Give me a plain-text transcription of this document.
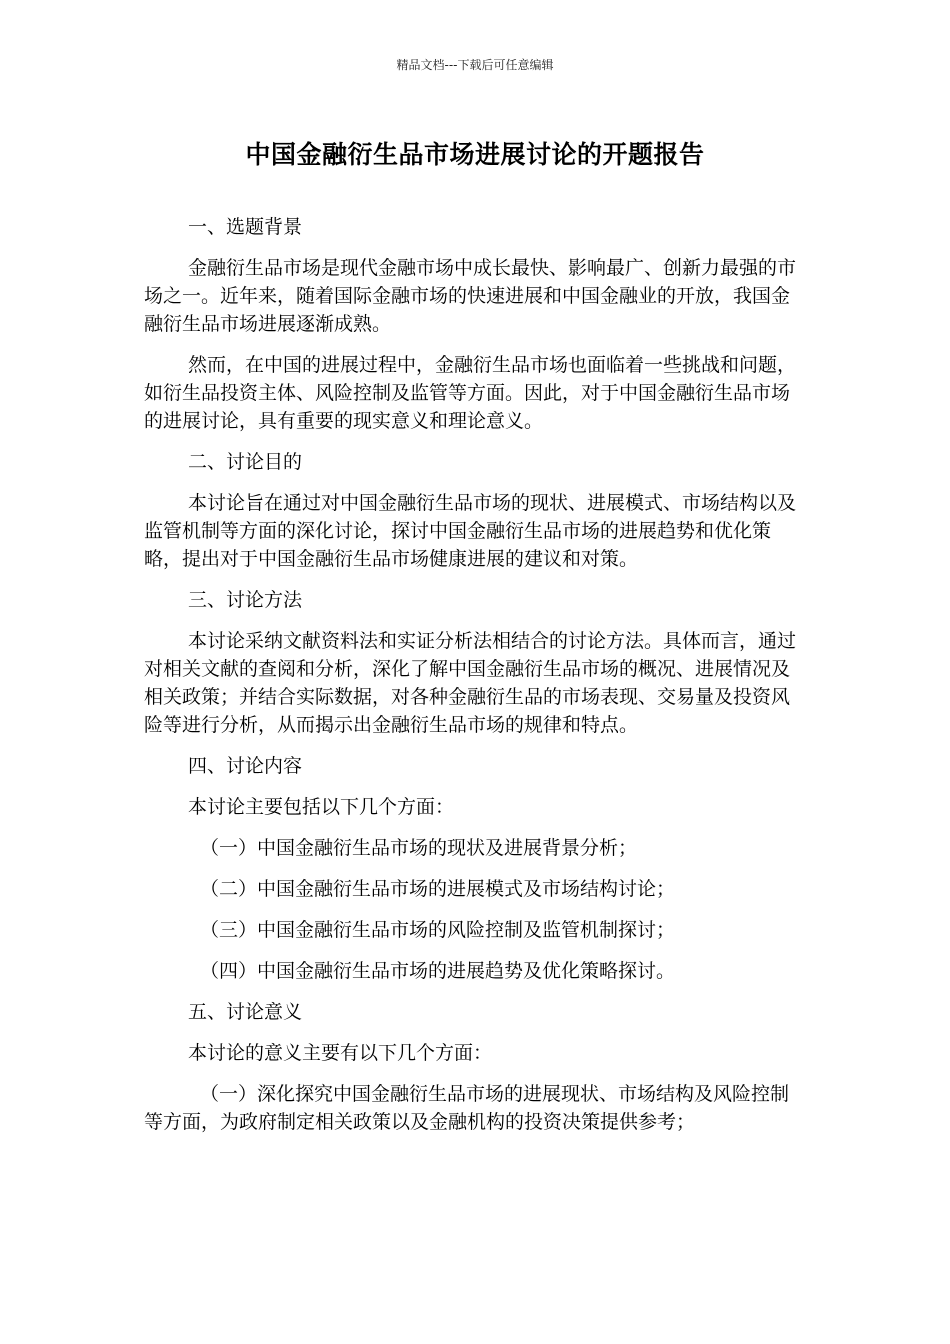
精品文档---下载后可任意编辑
中国金融衍生品市场进展讨论的开题报告

一、选题背景

金融衍生品市场是现代金融市场中成长最快、影响最广、创新力最强的市场之一。近年来，随着国际金融市场的快速进展和中国金融业的开放，我国金融衍生品市场进展逐渐成熟。

然而，在中国的进展过程中，金融衍生品市场也面临着一些挑战和问题，如衍生品投资主体、风险控制及监管等方面。因此，对于中国金融衍生品市场的进展讨论，具有重要的现实意义和理论意义。

二、讨论目的

本讨论旨在通过对中国金融衍生品市场的现状、进展模式、市场结构以及监管机制等方面的深化讨论，探讨中国金融衍生品市场的进展趋势和优化策略，提出对于中国金融衍生品市场健康进展的建议和对策。

三、讨论方法

本讨论采纳文献资料法和实证分析法相结合的讨论方法。具体而言，通过对相关文献的查阅和分析，深化了解中国金融衍生品市场的概况、进展情况及相关政策；并结合实际数据，对各种金融衍生品的市场表现、交易量及投资风险等进行分析，从而揭示出金融衍生品市场的规律和特点。

四、讨论内容

本讨论主要包括以下几个方面：

（一）中国金融衍生品市场的现状及进展背景分析；

（二）中国金融衍生品市场的进展模式及市场结构讨论；

（三）中国金融衍生品市场的风险控制及监管机制探讨；

（四）中国金融衍生品市场的进展趋势及优化策略探讨。

五、讨论意义

本讨论的意义主要有以下几个方面：

（一）深化探究中国金融衍生品市场的进展现状、市场结构及风险控制等方面，为政府制定相关政策以及金融机构的投资决策提供参考；
